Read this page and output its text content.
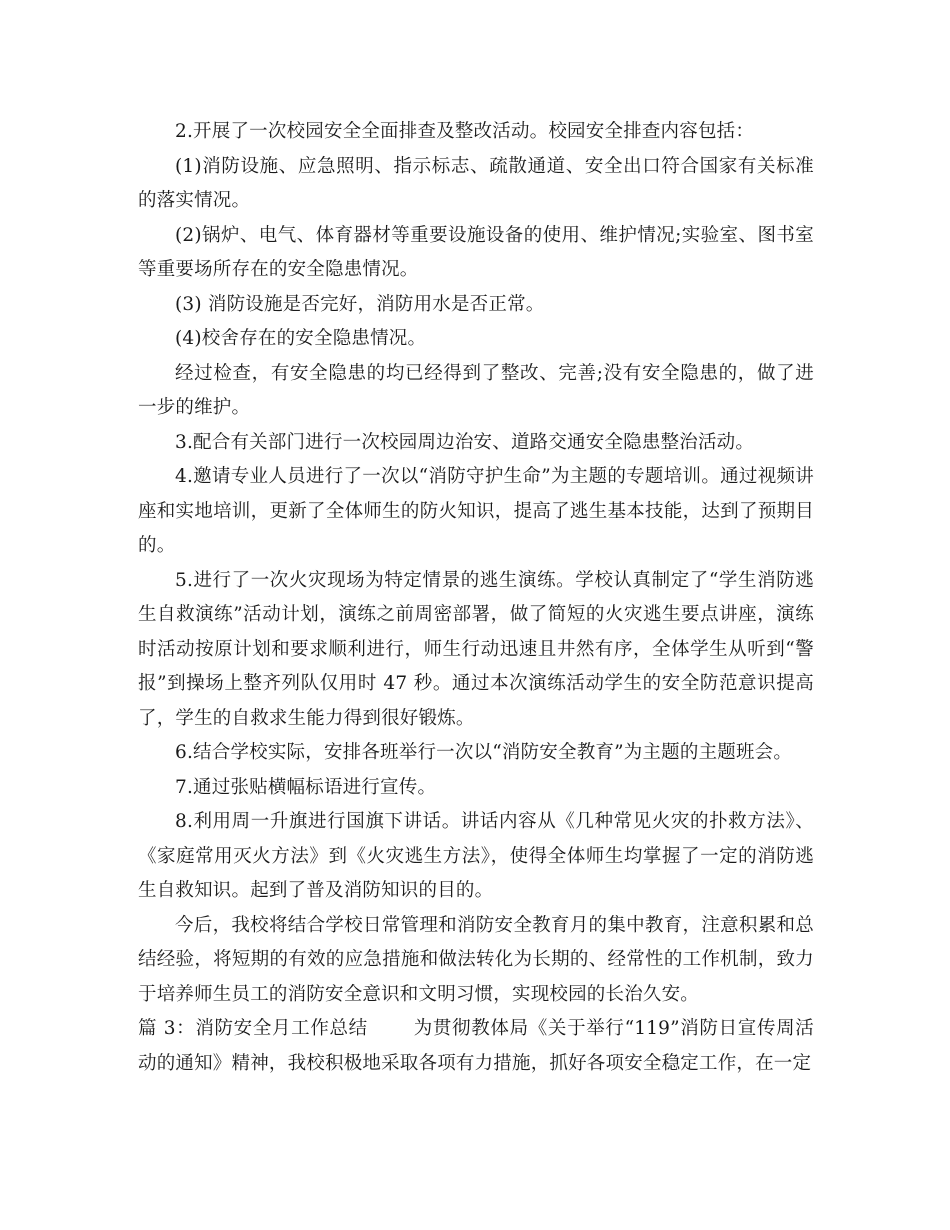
2.开展了一次校园安全全面排查及整改活动。校园安全排查内容包括：

(1)消防设施、应急照明、指示标志、疏散通道、安全出口符合国家有关标准的落实情况。

(2)锅炉、电气、体育器材等重要设施设备的使用、维护情况;实验室、图书室等重要场所存在的安全隐患情况。

(3) 消防设施是否完好，消防用水是否正常。

(4)校舍存在的安全隐患情况。

经过检查，有安全隐患的均已经得到了整改、完善;没有安全隐患的，做了进一步的维护。

3.配合有关部门进行一次校园周边治安、道路交通安全隐患整治活动。

4.邀请专业人员进行了一次以“消防守护生命”为主题的专题培训。通过视频讲座和实地培训，更新了全体师生的防火知识，提高了逃生基本技能，达到了预期目的。

5.进行了一次火灾现场为特定情景的逃生演练。学校认真制定了“学生消防逃生自救演练”活动计划，演练之前周密部署，做了简短的火灾逃生要点讲座，演练时活动按原计划和要求顺利进行，师生行动迅速且井然有序，全体学生从听到“警报”到操场上整齐列队仅用时 47 秒。通过本次演练活动学生的安全防范意识提高了，学生的自救求生能力得到很好锻炼。

6.结合学校实际，安排各班举行一次以“消防安全教育”为主题的主题班会。

7.通过张贴横幅标语进行宣传。

8.利用周一升旗进行国旗下讲话。讲话内容从《几种常见火灾的扑救方法》、《家庭常用灭火方法》到《火灾逃生方法》，使得全体师生均掌握了一定的消防逃生自救知识。起到了普及消防知识的目的。

今后，我校将结合学校日常管理和消防安全教育月的集中教育，注意积累和总结经验，将短期的有效的应急措施和做法转化为长期的、经常性的工作机制，致力于培养师生员工的消防安全意识和文明习惯，实现校园的长治久安。

篇 3：消防安全月工作总结 为贯彻教体局《关于举行“119”消防日宣传周活动的通知》精神，我校积极地采取各项有力措施，抓好各项安全稳定工作，在一定
